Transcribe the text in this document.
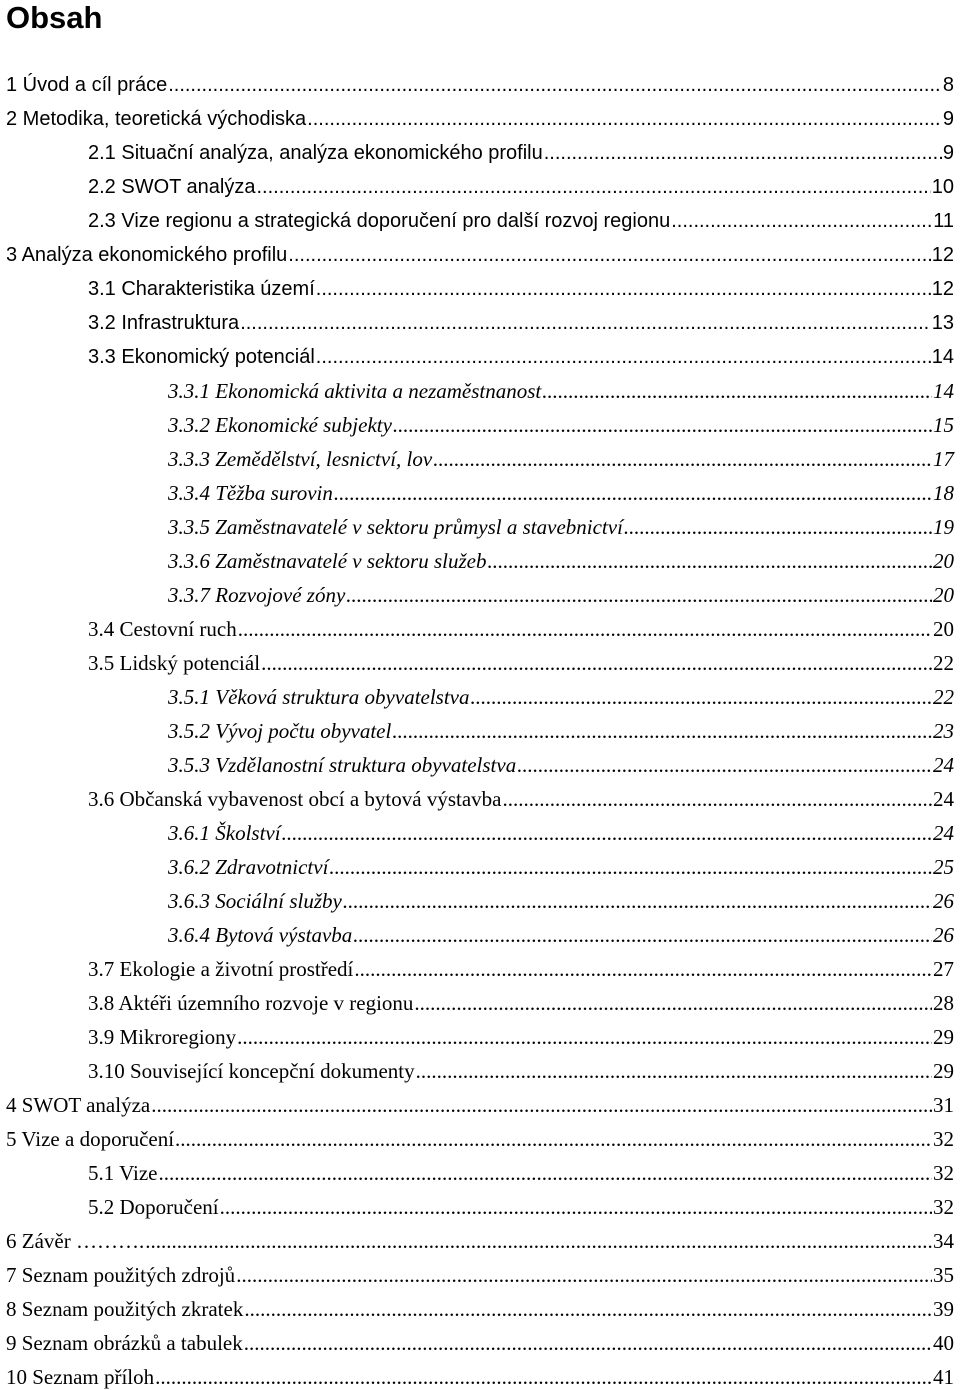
Obsah
1 Úvod a cíl práce .....	8
2 Metodika, teoretická východiska .....	9
2.1 Situační analýza, analýza ekonomického profilu .....	9
2.2 SWOT analýza .....	10
2.3 Vize regionu a strategická doporučení pro další rozvoj regionu .....	11
3 Analýza ekonomického profilu .....	12
3.1 Charakteristika území .....	12
3.2 Infrastruktura .....	13
3.3 Ekonomický potenciál .....	14
3.3.1 Ekonomická aktivita a nezaměstnanost .....	14
3.3.2 Ekonomické subjekty .....	15
3.3.3 Zemědělství, lesnictví, lov .....	17
3.3.4 Těžba surovin .....	18
3.3.5 Zaměstnavatelé v sektoru průmysl a stavebnictví .....	19
3.3.6 Zaměstnavatelé v sektoru služeb .....	20
3.3.7 Rozvojové zóny .....	20
3.4 Cestovní ruch .....	20
3.5 Lidský potenciál .....	22
3.5.1 Věková struktura obyvatelstva .....	22
3.5.2 Vývoj počtu obyvatel .....	23
3.5.3 Vzdělanostní struktura obyvatelstva .....	24
3.6 Občanská vybavenost obcí a bytová výstavba .....	24
3.6.1 Školství .....	24
3.6.2 Zdravotnictví .....	25
3.6.3 Sociální služby .....	26
3.6.4 Bytová výstavba .....	26
3.7 Ekologie a životní prostředí .....	27
3.8 Aktéři územního rozvoje v regionu .....	28
3.9 Mikroregiony .....	29
3.10 Související koncepční dokumenty .....	29
4 SWOT analýza .....	31
5 Vize a doporučení .....	32
5.1 Vize .....	32
5.2 Doporučení .....	32
6 Závěr ………. .....	34
7 Seznam použitých zdrojů .....	35
8 Seznam použitých zkratek .....	39
9 Seznam obrázků a tabulek .....	40
10 Seznam příloh .....	41
